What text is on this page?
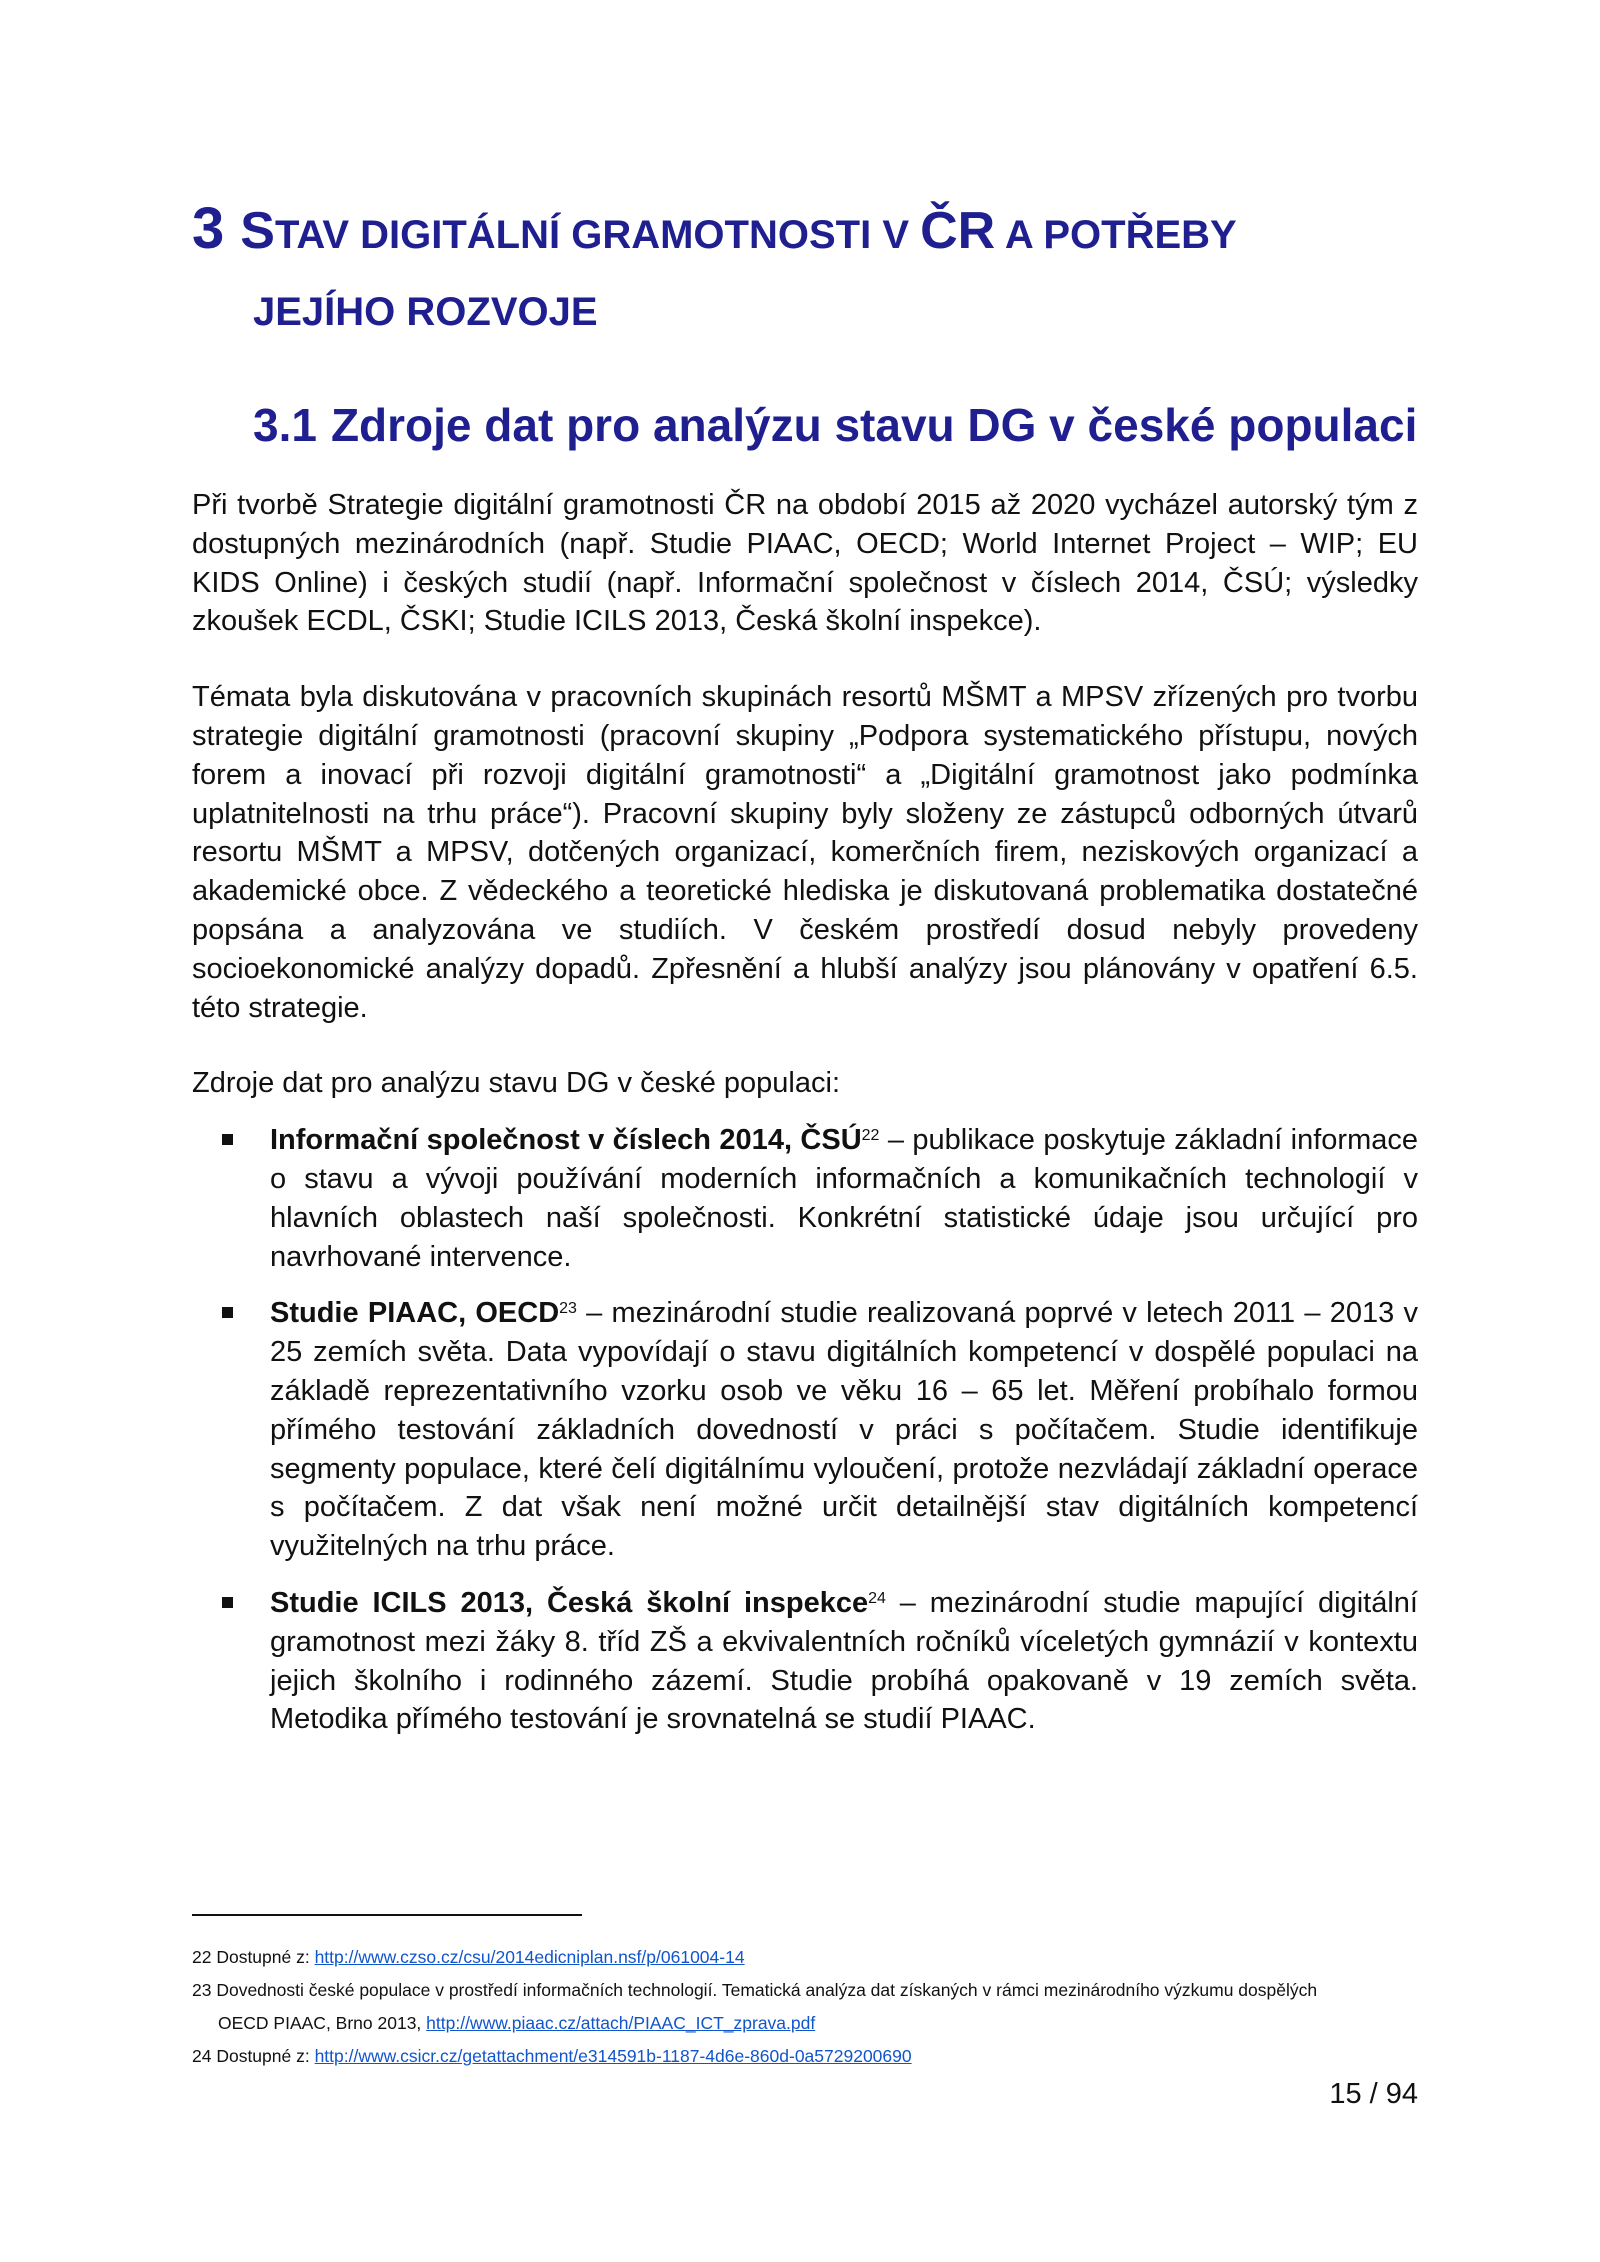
3 STAV DIGITÁLNÍ GRAMOTNOSTI V ČR A POTŘEBY
JEJÍHO ROZVOJE
3.1 Zdroje dat pro analýzu stavu DG v české populaci

Při tvorbě Strategie digitální gramotnosti ČR na období 2015 až 2020 vycházel autorský tým z dostupných mezinárodních (např. Studie PIAAC, OECD; World Internet Project – WIP; EU KIDS Online) i českých studií (např. Informační společnost v číslech 2014, ČSÚ; výsledky zkoušek ECDL, ČSKI; Studie ICILS 2013, Česká školní inspekce).

Témata byla diskutována v pracovních skupinách resortů MŠMT a MPSV zřízených pro tvorbu strategie digitální gramotnosti (pracovní skupiny „Podpora systematického přístupu, nových forem a inovací při rozvoji digitální gramotnosti“ a „Digitální gramotnost jako podmínka uplatnitelnosti na trhu práce“). Pracovní skupiny byly složeny ze zástupců odborných útvarů resortu MŠMT a MPSV, dotčených organizací, komerčních firem, neziskových organizací a akademické obce. Z vědeckého a teoretické hlediska je diskutovaná problematika dostatečné popsána a analyzována ve studiích. V českém prostředí dosud nebyly provedeny socioekonomické analýzy dopadů. Zpřesnění a hlubší analýzy jsou plánovány v opatření 6.5. této strategie.

Zdroje dat pro analýzu stavu DG v české populaci:

Informační společnost v číslech 2014, ČSÚ$^{22}$ – publikace poskytuje základní informace o stavu a vývoji používání moderních informačních a komunikačních technologií v hlavních oblastech naší společnosti. Konkrétní statistické údaje jsou určující pro navrhované intervence.
Studie PIAAC, OECD$^{23}$ – mezinárodní studie realizovaná poprvé v letech 2011 – 2013 v 25 zemích světa. Data vypovídají o stavu digitálních kompetencí v dospělé populaci na základě reprezentativního vzorku osob ve věku 16 – 65 let. Měření probíhalo formou přímého testování základních dovedností v práci s počítačem. Studie identifikuje segmenty populace, které čelí digitálnímu vyloučení, protože nezvládají základní operace s počítačem. Z dat však není možné určit detailnější stav digitálních kompetencí využitelných na trhu práce.
Studie ICILS 2013, Česká školní inspekce$^{24}$ – mezinárodní studie mapující digitální gramotnost mezi žáky 8. tříd ZŠ a ekvivalentních ročníků víceletých gymnázií v kontextu jejich školního i rodinného zázemí. Studie probíhá opakovaně v 19 zemích světa. Metodika přímého testování je srovnatelná se studií PIAAC.

22 Dostupné z: http://www.czso.cz/csu/2014edicniplan.nsf/p/061004-14

23 Dovednosti české populace v prostředí informačních technologií. Tematická analýza dat získaných v rámci mezinárodního výzkumu dospělých
OECD PIAAC, Brno 2013, http://www.piaac.cz/attach/PIAAC_ICT_zprava.pdf

24 Dostupné z: http://www.csicr.cz/getattachment/e314591b-1187-4d6e-860d-0a5729200690

15 / 94
